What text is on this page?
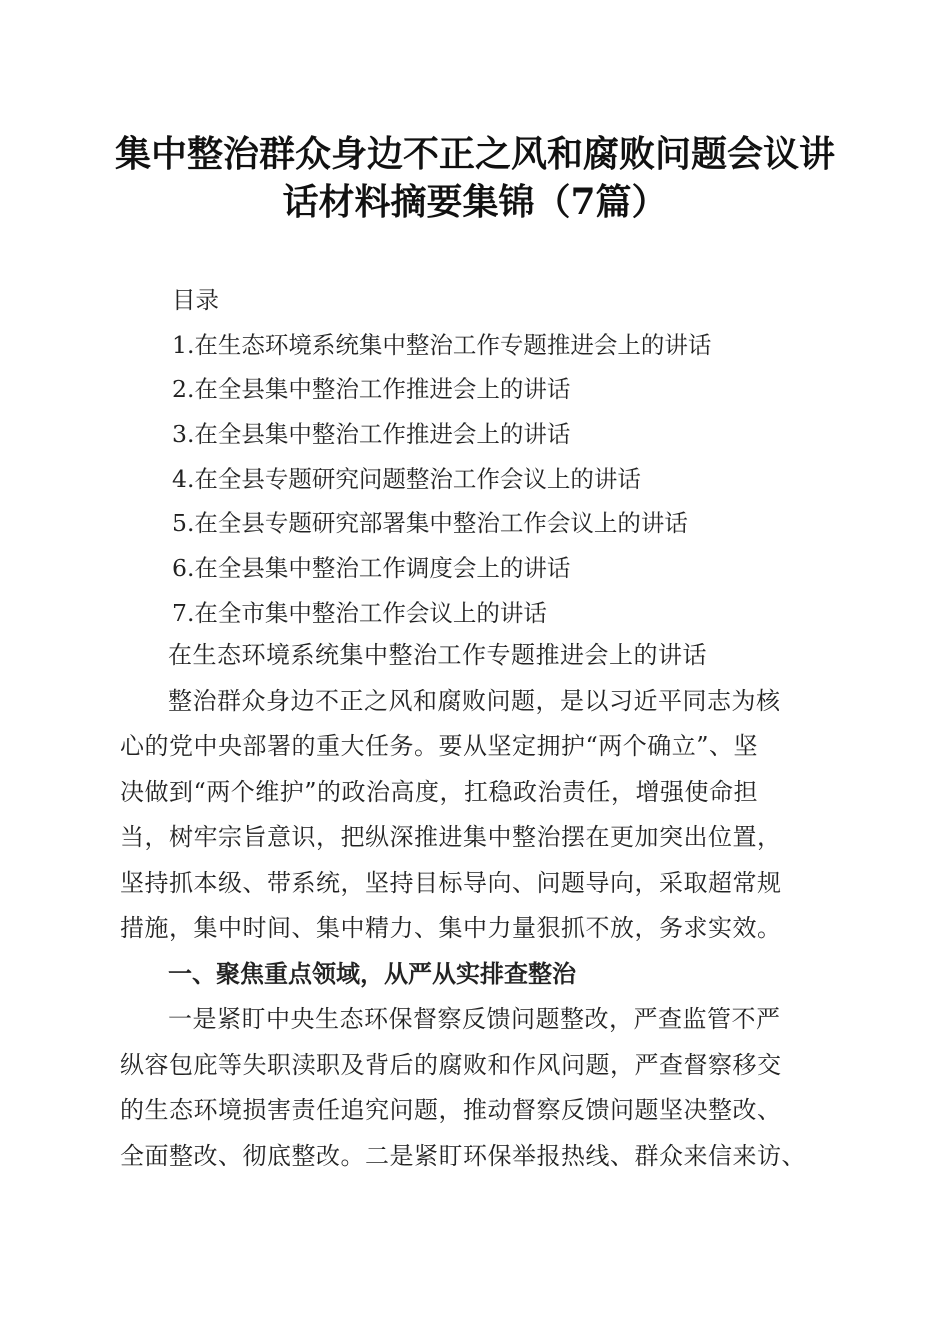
集中整治群众身边不正之风和腐败问题会议讲
话材料摘要集锦（7篇）
目录
1.在生态环境系统集中整治工作专题推进会上的讲话
2.在全县集中整治工作推进会上的讲话
3.在全县集中整治工作推进会上的讲话
4.在全县专题研究问题整治工作会议上的讲话
5.在全县专题研究部署集中整治工作会议上的讲话
6.在全县集中整治工作调度会上的讲话
7.在全市集中整治工作会议上的讲话

在生态环境系统集中整治工作专题推进会上的讲话

整治群众身边不正之风和腐败问题，是以习近平同志为核
心的党中央部署的重大任务。要从坚定拥护“两个确立”、坚
决做到“两个维护”的政治高度，扛稳政治责任，增强使命担
当，树牢宗旨意识，把纵深推进集中整治摆在更加突出位置，
坚持抓本级、带系统，坚持目标导向、问题导向，采取超常规
措施，集中时间、集中精力、集中力量狠抓不放，务求实效。

一、聚焦重点领域，从严从实排查整治

一是紧盯中央生态环保督察反馈问题整改，严查监管不严
纵容包庇等失职渎职及背后的腐败和作风问题，严查督察移交
的生态环境损害责任追究问题，推动督察反馈问题坚决整改、
全面整改、彻底整改。二是紧盯环保举报热线、群众来信来访、
